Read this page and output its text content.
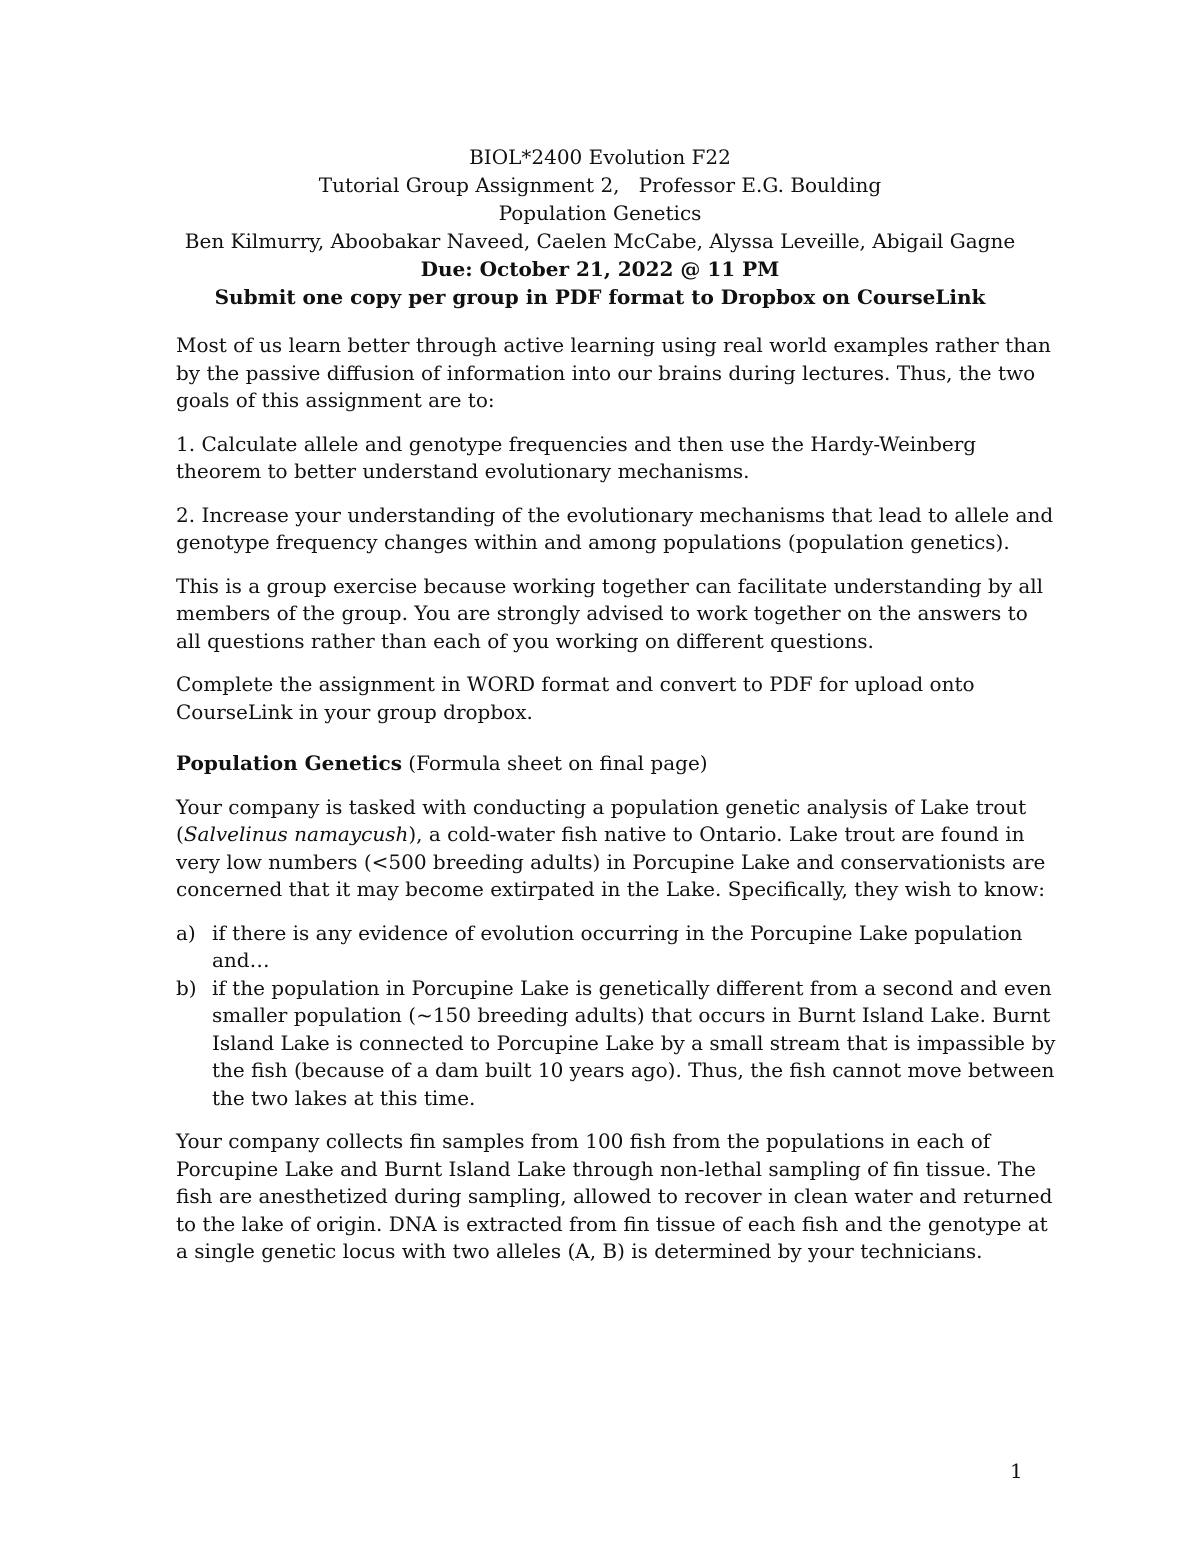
BIOL*2400 Evolution F22
Tutorial Group Assignment 2,   Professor E.G. Boulding
Population Genetics
Ben Kilmurry, Aboobakar Naveed, Caelen McCabe, Alyssa Leveille, Abigail Gagne
Due: October 21, 2022 @ 11 PM
Submit one copy per group in PDF format to Dropbox on CourseLink

Most of us learn better through active learning using real world examples rather than by the passive diffusion of information into our brains during lectures. Thus, the two goals of this assignment are to:

1. Calculate allele and genotype frequencies and then use the Hardy-Weinberg theorem to better understand evolutionary mechanisms.

2. Increase your understanding of the evolutionary mechanisms that lead to allele and genotype frequency changes within and among populations (population genetics).

This is a group exercise because working together can facilitate understanding by all members of the group. You are strongly advised to work together on the answers to all questions rather than each of you working on different questions.

Complete the assignment in WORD format and convert to PDF for upload onto CourseLink in your group dropbox.

Population Genetics (Formula sheet on final page)

Your company is tasked with conducting a population genetic analysis of Lake trout (Salvelinus namaycush), a cold-water fish native to Ontario. Lake trout are found in very low numbers (<500 breeding adults) in Porcupine Lake and conservationists are concerned that it may become extirpated in the Lake. Specifically, they wish to know:

a) if there is any evidence of evolution occurring in the Porcupine Lake population and…
b) if the population in Porcupine Lake is genetically different from a second and even smaller population (~150 breeding adults) that occurs in Burnt Island Lake. Burnt Island Lake is connected to Porcupine Lake by a small stream that is impassible by the fish (because of a dam built 10 years ago). Thus, the fish cannot move between the two lakes at this time.

Your company collects fin samples from 100 fish from the populations in each of Porcupine Lake and Burnt Island Lake through non-lethal sampling of fin tissue. The fish are anesthetized during sampling, allowed to recover in clean water and returned to the lake of origin. DNA is extracted from fin tissue of each fish and the genotype at a single genetic locus with two alleles (A, B) is determined by your technicians.

1
